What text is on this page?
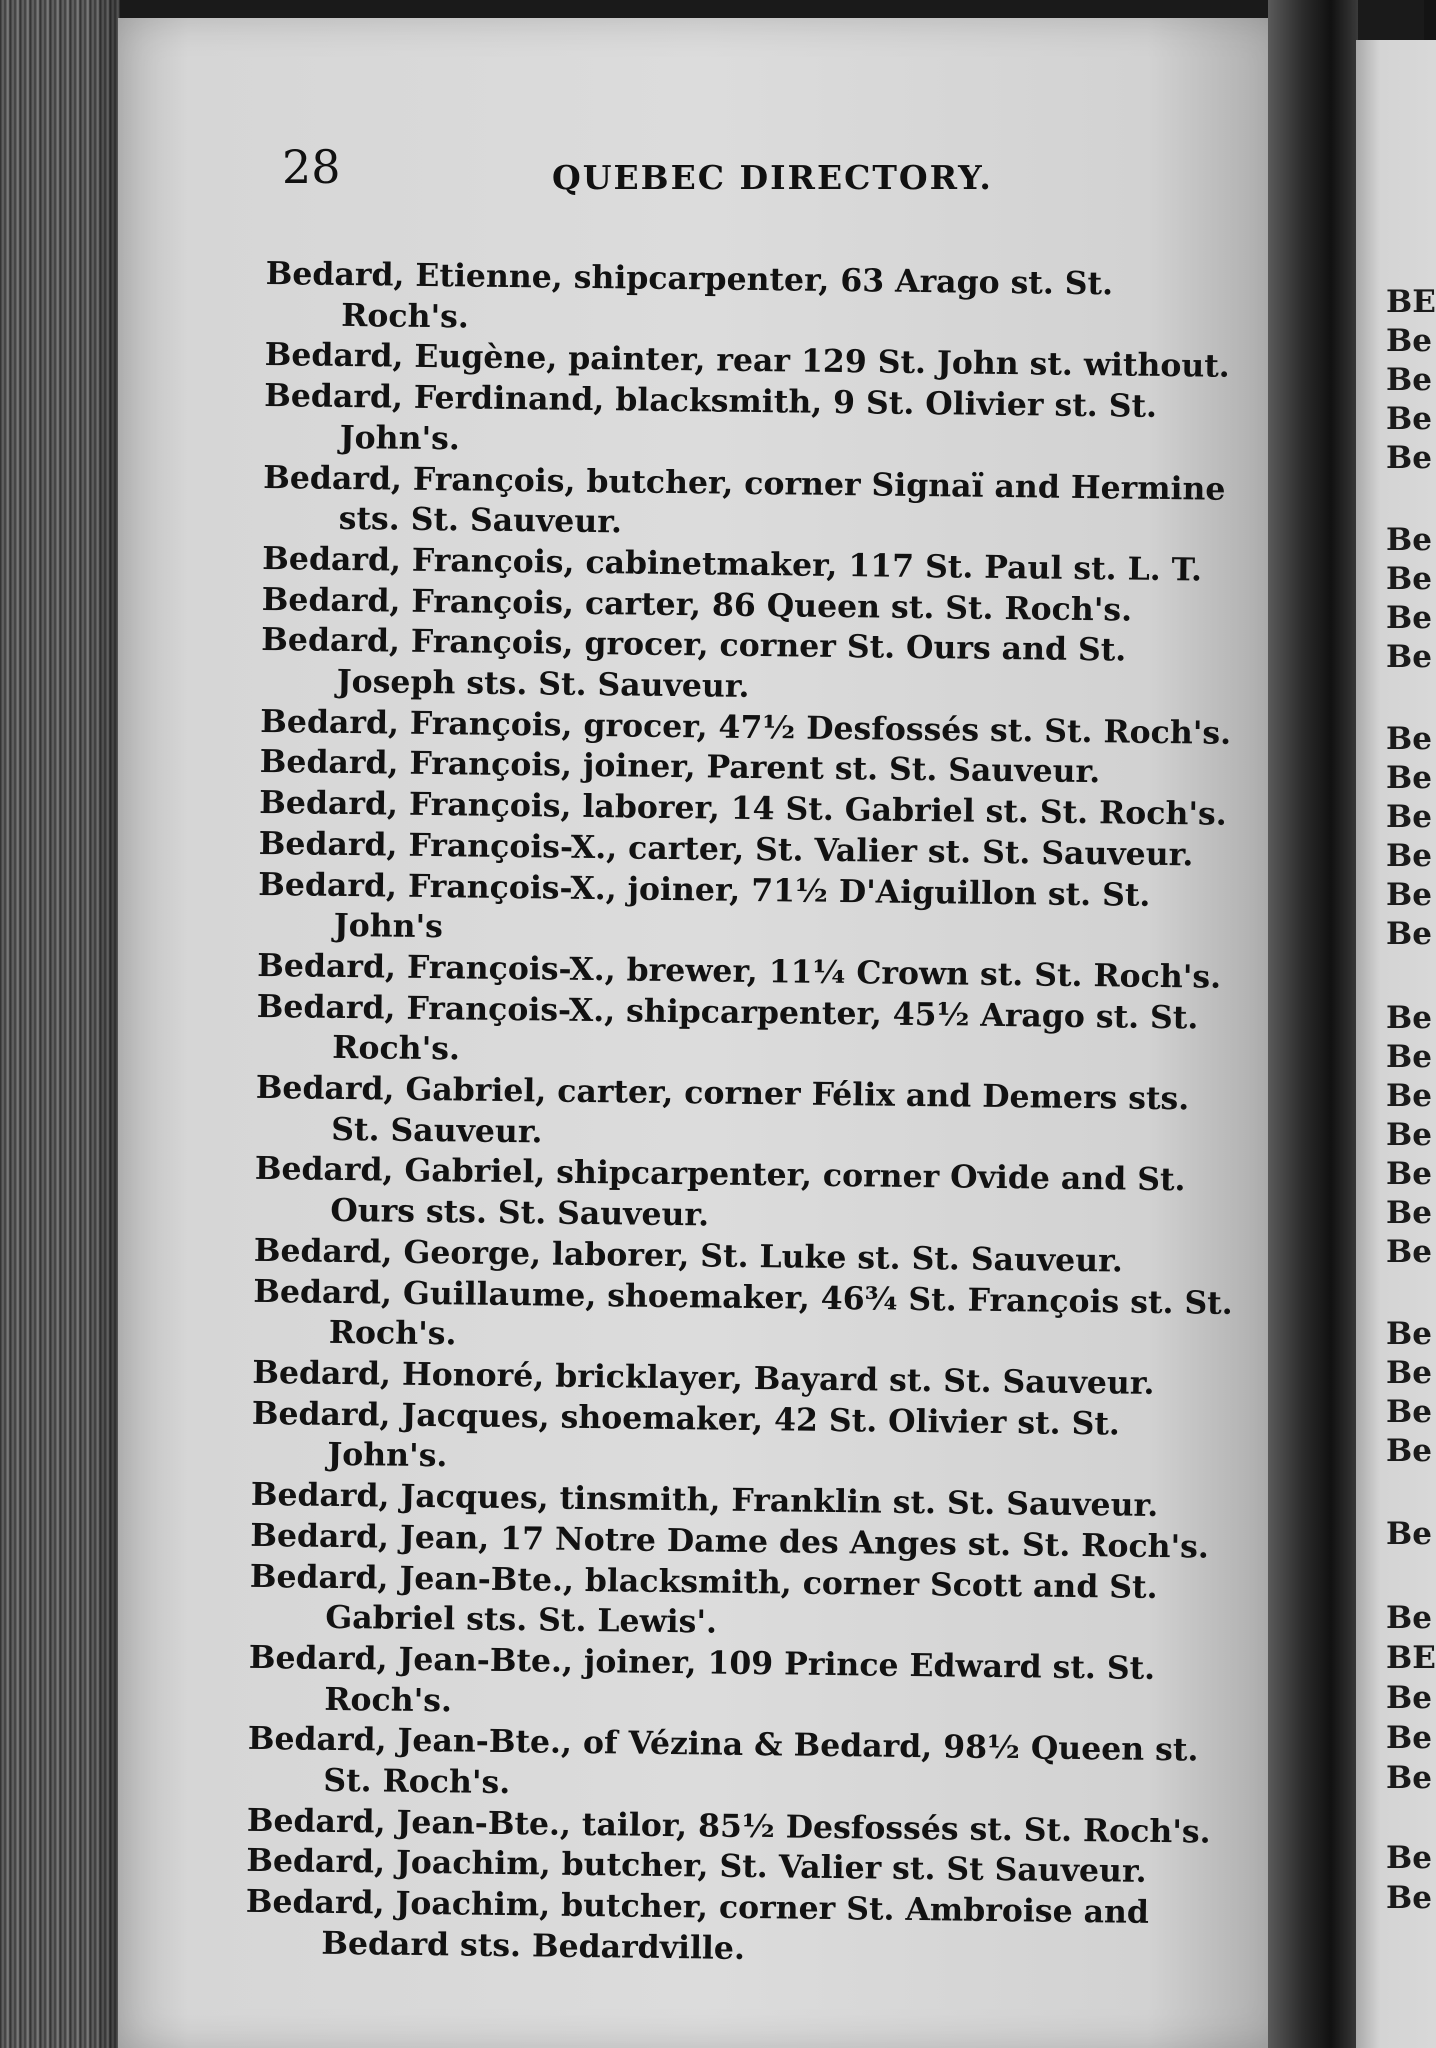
28	QUEBEC DIRECTORY.
Bedard, Etienne, shipcarpenter, 63 Arago st. St. Roch's.
Bedard, Eugène, painter, rear 129 St. John st. without.
Bedard, Ferdinand, blacksmith, 9 St. Olivier st. St. John's.
Bedard, François, butcher, corner Signaï and Hermine sts. St. Sauveur.
Bedard, François, cabinetmaker, 117 St. Paul st. L. T.
Bedard, François, carter, 86 Queen st. St. Roch's.
Bedard, François, grocer, corner St. Ours and St. Joseph sts. St. Sauveur.
Bedard, François, grocer, 47½ Desfossés st. St. Roch's.
Bedard, François, joiner, Parent st. St. Sauveur.
Bedard, François, laborer, 14 St. Gabriel st. St. Roch's.
Bedard, François-X., carter, St. Valier st. St. Sauveur.
Bedard, François-X., joiner, 71½ D'Aiguillon st. St. John's
Bedard, François-X., brewer, 11¼ Crown st. St. Roch's.
Bedard, François-X., shipcarpenter, 45½ Arago st. St. Roch's.
Bedard, Gabriel, carter, corner Félix and Demers sts. St. Sauveur.
Bedard, Gabriel, shipcarpenter, corner Ovide and St. Ours sts. St. Sauveur.
Bedard, George, laborer, St. Luke st. St. Sauveur.
Bedard, Guillaume, shoemaker, 46¾ St. François st. St. Roch's.
Bedard, Honoré, bricklayer, Bayard st. St. Sauveur.
Bedard, Jacques, shoemaker, 42 St. Olivier st. St. John's.
Bedard, Jacques, tinsmith, Franklin st. St. Sauveur.
Bedard, Jean, 17 Notre Dame des Anges st. St. Roch's.
Bedard, Jean-Bte., blacksmith, corner Scott and St. Gabriel sts. St. Lewis'.
Bedard, Jean-Bte., joiner, 109 Prince Edward st. St. Roch's.
Bedard, Jean-Bte., of Vézina & Bedard, 98½ Queen st. St. Roch's.
Bedard, Jean-Bte., tailor, 85½ Desfossés st. St. Roch's.
Bedard, Joachim, butcher, St. Valier st. St Sauveur.
Bedard, Joachim, butcher, corner St. Ambroise and Bedard sts. Bedardville.
BE
Be
Be
Be
Be
Be
Be
Be
Be
Be
Be
Be
Be
Be
Be
Be
Be
Be
Be
Be
Be
Be
Be
Be
Be
Be
Be
Be
BE
Be
Be
Be
Be
Be
